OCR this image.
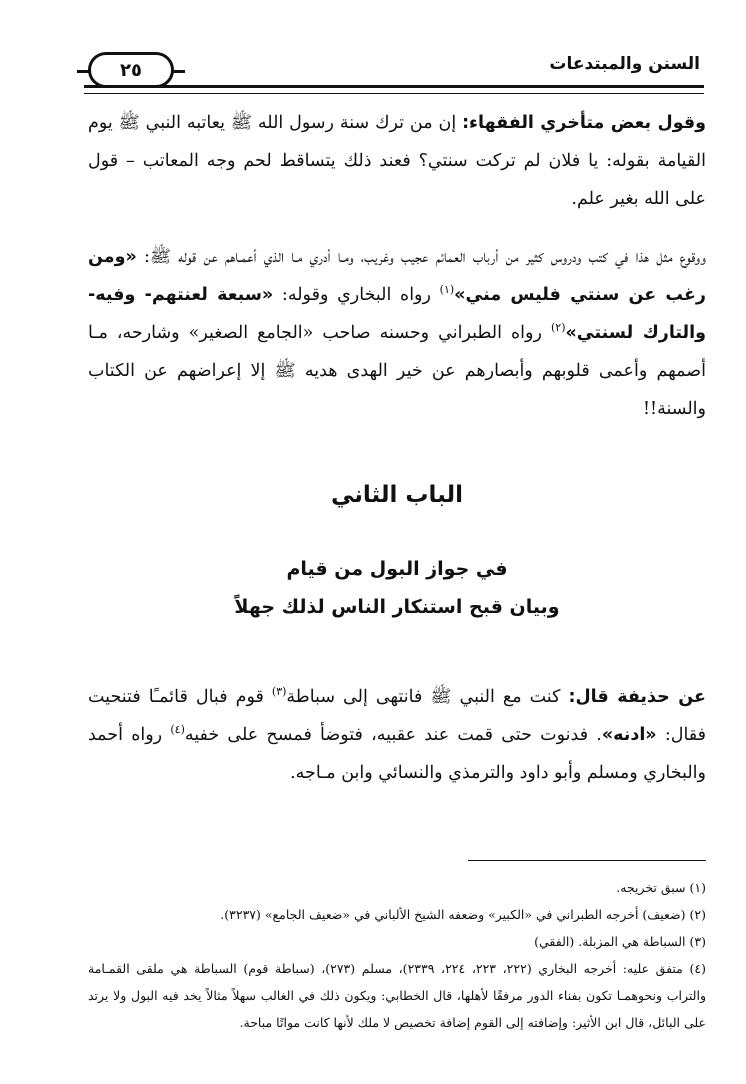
٢٥	السنن والمبتدعات
وقول بعض متأخري الفقهاء: إن من ترك سنة رسول الله ﷺ يعاتبه النبي ﷺ يوم القيامة بقوله: يا فلان لم تركت سنتي؟ فعند ذلك يتساقط لحم وجه المعاتب – قول على الله بغير علم.
ووقوع مثل هذا في كتب ودروس كثير من أرباب العمائم عجيب وغريب، ومـا أدري مـا الذي أعمـاهم عن قوله ﷺ: «ومن رغب عن سنتي فليس مني»$^{(١)}$ رواه البخاري وقوله: «سبعة لعنتهم- وفيه- والتارك لسنتي»$^{(٢)}$ رواه الطبراني وحسنه صاحب «الجامع الصغير» وشارحه، مـا أصمهم وأعمى قلوبهم وأبصارهم عن خير الهدى هديه ﷺ إلا إعراضهم عن الكتاب والسنة!!
الباب الثاني
في جواز البول من قيام
وبيان قبح استنكار الناس لذلك جهلاً
عن حذيفة قال: كنت مع النبي ﷺ فانتهى إلى سباطة$^{(٣)}$ قوم فبال قائمـًا فتنحيت فقال: «ادنه». فدنوت حتى قمت عند عقبيه، فتوضأ فمسح على خفيه$^{(٤)}$ رواه أحمد والبخاري ومسلم وأبو داود والترمذي والنسائي وابن مـاجه.
(١) سبق تخريجه.
(٢) (ضعيف) أخرجه الطبراني في «الكبير» وضعفه الشيخ الألباني في «ضعيف الجامع» (٣٢٣٧).
(٣) السباطة هي المزبلة. (الفقي)
(٤) متفق عليه: أخرجه البخاري (٢٢٢، ٢٢٣، ٢٢٤، ٢٣٣٩)، مسلم (٢٧٣)، (سباطة قوم) السباطة هي ملقى القمـامة والتراب ونحوهمـا تكون بفناء الدور مرفقًا لأهلها، قال الخطابي: ويكون ذلك في الغالب سهلاً مثالاً يخد فيه البول ولا يرتد على البائل، قال ابن الأثير: وإضافته إلى القوم إضافة تخصيص لا ملك لأنها كانت مواتًا مباحة.
